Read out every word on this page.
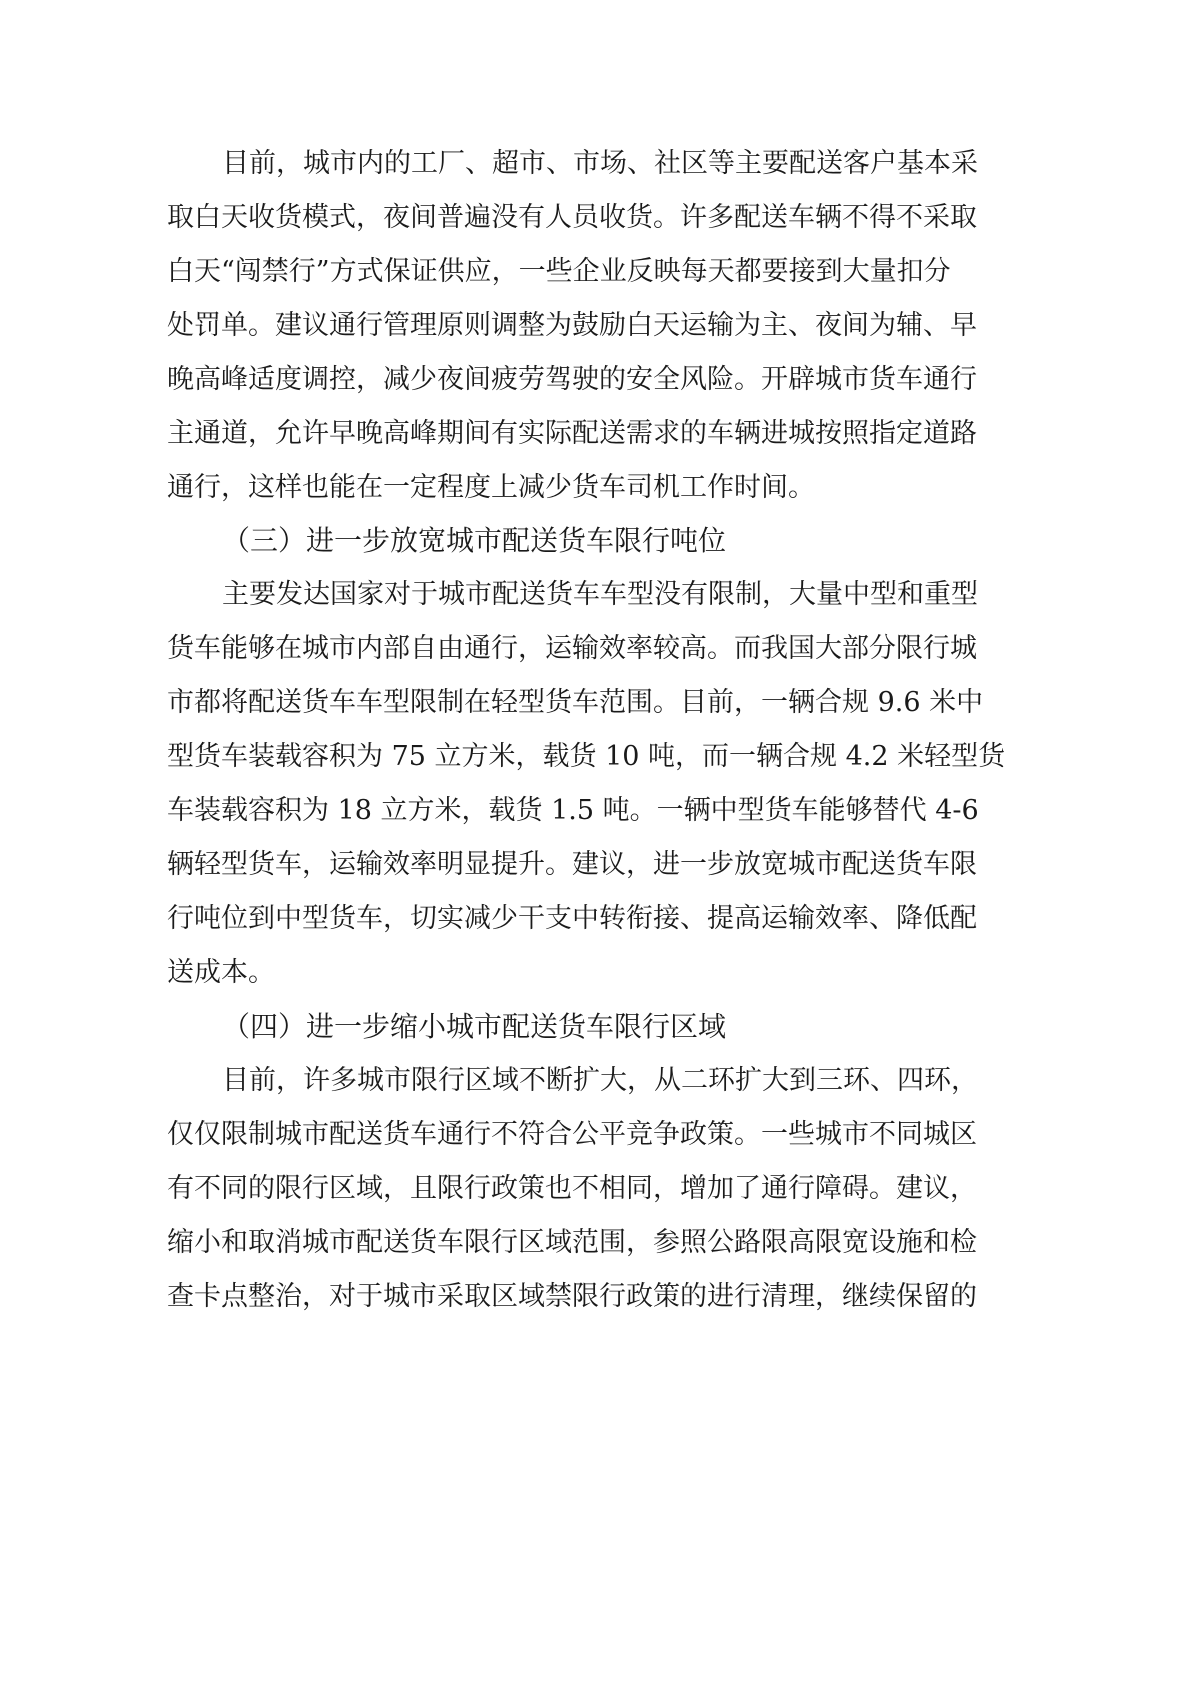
目前，城市内的工厂、超市、市场、社区等主要配送客户基本采
取白天收货模式，夜间普遍没有人员收货。许多配送车辆不得不采取
白天“闯禁行”方式保证供应，一些企业反映每天都要接到大量扣分
处罚单。建议通行管理原则调整为鼓励白天运输为主、夜间为辅、早
晚高峰适度调控，减少夜间疲劳驾驶的安全风险。开辟城市货车通行
主通道，允许早晚高峰期间有实际配送需求的车辆进城按照指定道路
通行，这样也能在一定程度上减少货车司机工作时间。
（三）进一步放宽城市配送货车限行吨位
主要发达国家对于城市配送货车车型没有限制，大量中型和重型
货车能够在城市内部自由通行，运输效率较高。而我国大部分限行城
市都将配送货车车型限制在轻型货车范围。目前，一辆合规 9.6 米中
型货车装载容积为 75 立方米，载货 10 吨，而一辆合规 4.2 米轻型货
车装载容积为 18 立方米，载货 1.5 吨。一辆中型货车能够替代 4-6
辆轻型货车，运输效率明显提升。建议，进一步放宽城市配送货车限
行吨位到中型货车，切实减少干支中转衔接、提高运输效率、降低配
送成本。
（四）进一步缩小城市配送货车限行区域
目前，许多城市限行区域不断扩大，从二环扩大到三环、四环，
仅仅限制城市配送货车通行不符合公平竞争政策。一些城市不同城区
有不同的限行区域，且限行政策也不相同，增加了通行障碍。建议，
缩小和取消城市配送货车限行区域范围，参照公路限高限宽设施和检
查卡点整治，对于城市采取区域禁限行政策的进行清理，继续保留的
